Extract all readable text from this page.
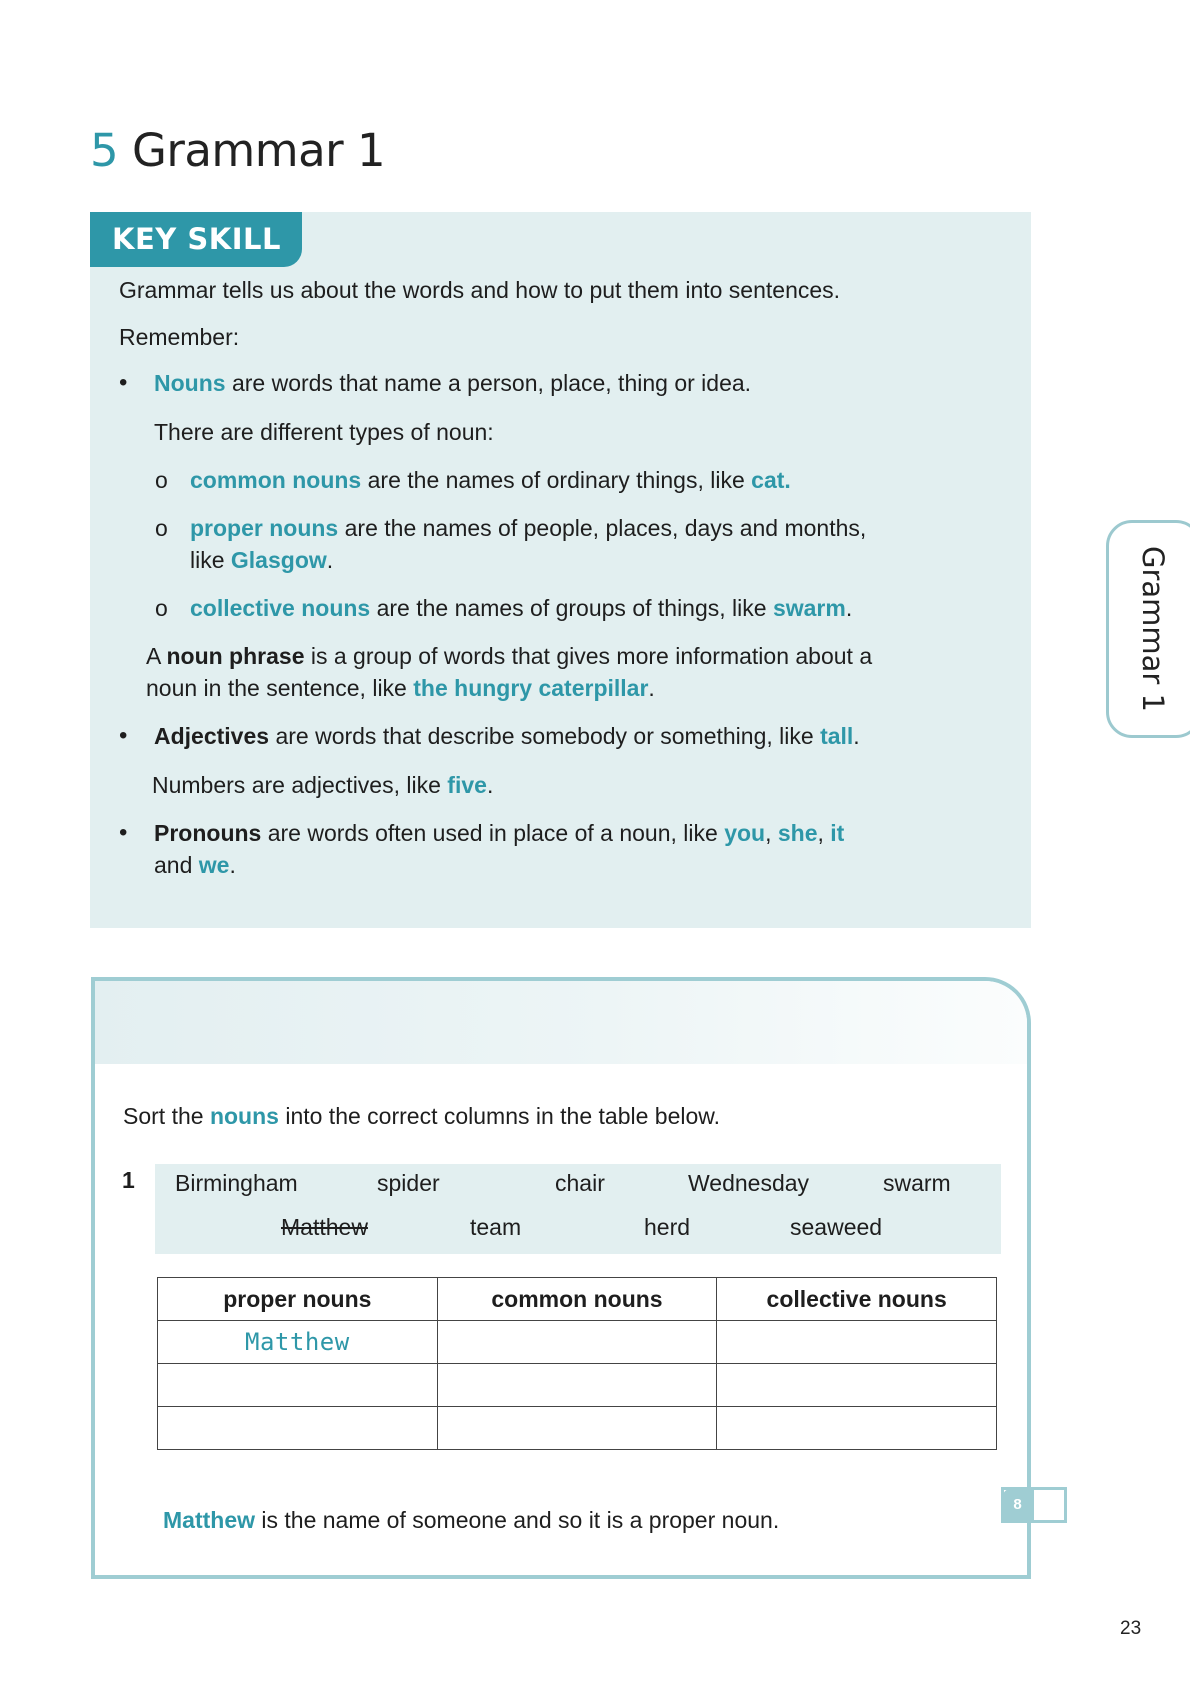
5 Grammar 1
Grammar 1
KEY SKILL

Grammar tells us about the words and how to put them into sentences.

Remember:

• Nouns are words that name a person, place, thing or idea.

There are different types of noun:

o common nouns are the names of ordinary things, like cat.

o proper nouns are the names of people, places, days and months,
like Glasgow.

o collective nouns are the names of groups of things, like swarm.

A noun phrase is a group of words that gives more information about a
noun in the sentence, like the hungry caterpillar.

• Adjectives are words that describe somebody or something, like tall.

Numbers are adjectives, like five.

• Pronouns are words often used in place of a noun, like you, she, it
and we.

Sort the nouns into the correct columns in the table below.

1 Birmingham	spider	chair	Wednesday	swarm
Matthew	team	herd	seaweed
proper nouns	common nouns	collective nouns
Matthew		

Matthew is the name of someone and so it is a proper noun.

8
23
